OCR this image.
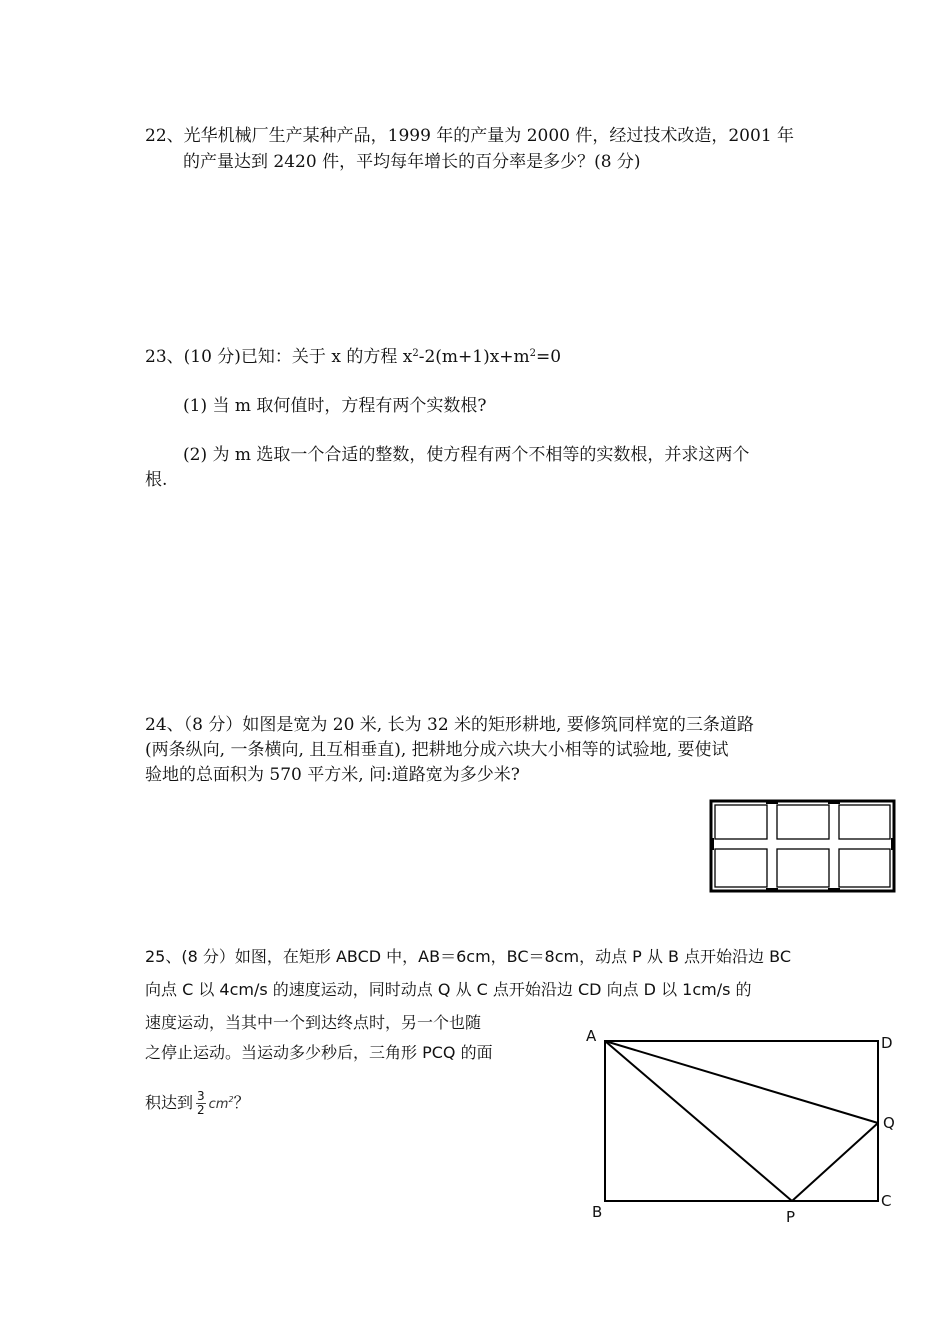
22、光华机械厂生产某种产品，1999 年的产量为 2000 件，经过技术改造，2001 年
的产量达到 2420 件，平均每年增长的百分率是多少？(8 分)
23、(10 分)已知：关于 x 的方程 $x^2-2(m+1)x+m^2=0$
(1) 当 m 取何值时，方程有两个实数根?
(2) 为 m 选取一个合适的整数，使方程有两个不相等的实数根，并求这两个
根.
24、（8 分）如图是宽为 20 米, 长为 32 米的矩形耕地, 要修筑同样宽的三条道路
(两条纵向, 一条横向, 且互相垂直), 把耕地分成六块大小相等的试验地, 要使试
验地的总面积为 570 平方米, 问:道路宽为多少米?
25、(8 分）如图，在矩形 ABCD 中，AB＝6cm，BC＝8cm，动点 P 从 B 点开始沿边 BC
向点 C 以 4cm/s 的速度运动，同时动点 Q 从 C 点开始沿边 CD 向点 D 以 1cm/s 的
速度运动，当其中一个到达终点时，另一个也随
之停止运动。当运动多少秒后，三角形 PCQ 的面
积达到 $\frac{3}{2} cm^2$？
A	D
Q
C
B	P
